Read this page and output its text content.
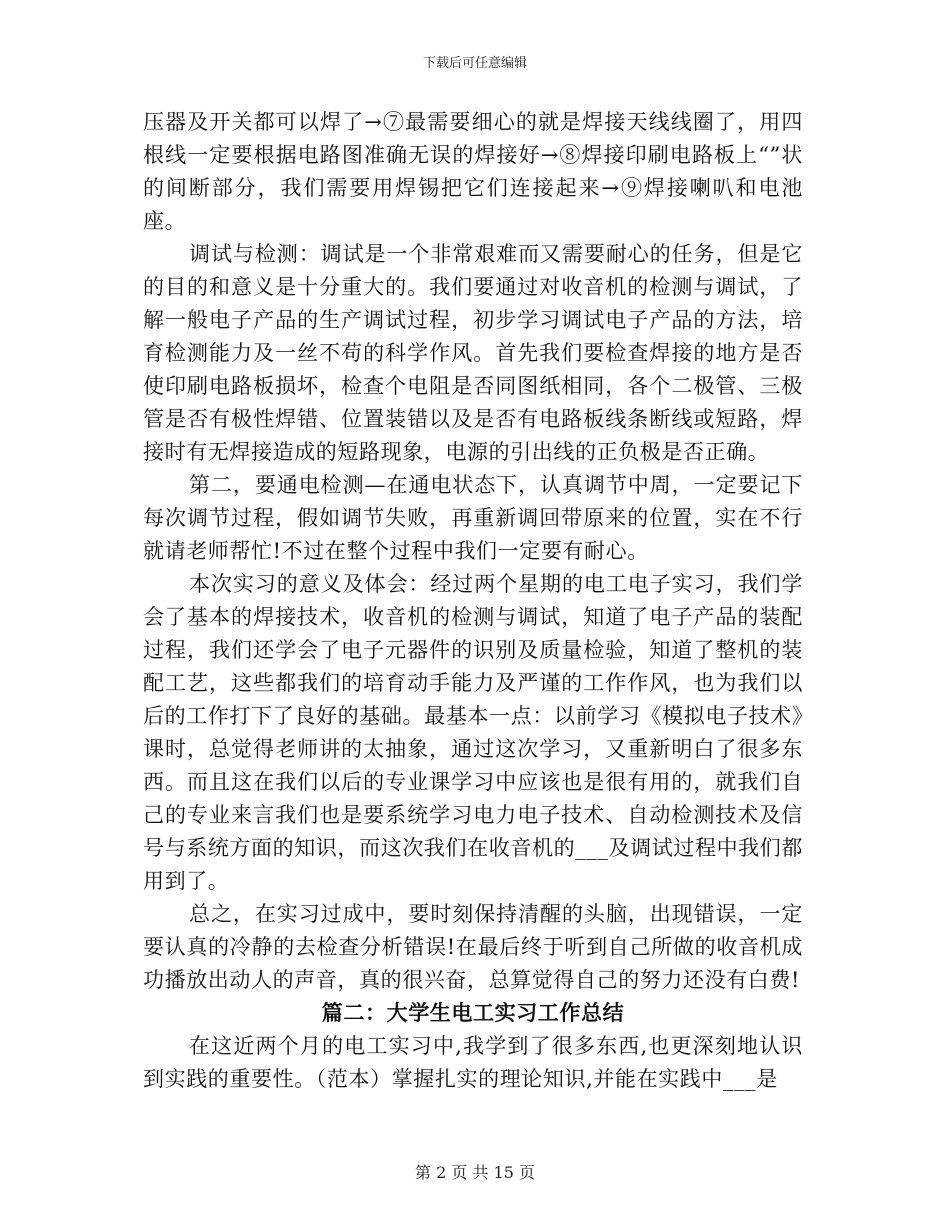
下载后可任意编辑

压器及开关都可以焊了→⑦最需要细心的就是焊接天线线圈了，用四根线一定要根据电路图准确无误的焊接好→⑧焊接印刷电路板上“”状的间断部分，我们需要用焊锡把它们连接起来→⑨焊接喇叭和电池座。

调试与检测：调试是一个非常艰难而又需要耐心的任务，但是它的目的和意义是十分重大的。我们要通过对收音机的检测与调试，了解一般电子产品的生产调试过程，初步学习调试电子产品的方法，培育检测能力及一丝不苟的科学作风。首先我们要检查焊接的地方是否使印刷电路板损坏，检查个电阻是否同图纸相同，各个二极管、三极管是否有极性焊错、位置装错以及是否有电路板线条断线或短路，焊接时有无焊接造成的短路现象，电源的引出线的正负极是否正确。

第二，要通电检测—在通电状态下，认真调节中周，一定要记下每次调节过程，假如调节失败，再重新调回带原来的位置，实在不行就请老师帮忙!不过在整个过程中我们一定要有耐心。

本次实习的意义及体会：经过两个星期的电工电子实习，我们学会了基本的焊接技术，收音机的检测与调试，知道了电子产品的装配过程，我们还学会了电子元器件的识别及质量检验，知道了整机的装配工艺，这些都我们的培育动手能力及严谨的工作作风，也为我们以后的工作打下了良好的基础。最基本一点：以前学习《模拟电子技术》课时，总觉得老师讲的太抽象，通过这次学习，又重新明白了很多东西。而且这在我们以后的专业课学习中应该也是很有用的，就我们自己的专业来言我们也是要系统学习电力电子技术、自动检测技术及信号与系统方面的知识，而这次我们在收音机的___及调试过程中我们都用到了。

总之，在实习过成中，要时刻保持清醒的头脑，出现错误，一定要认真的冷静的去检查分析错误!在最后终于听到自己所做的收音机成功播放出动人的声音，真的很兴奋，总算觉得自己的努力还没有白费!

篇二：大学生电工实习工作总结

在这近两个月的电工实习中,我学到了很多东西,也更深刻地认识到实践的重要性。（范本）掌握扎实的理论知识,并能在实践中___是

第 2 页 共 15 页
